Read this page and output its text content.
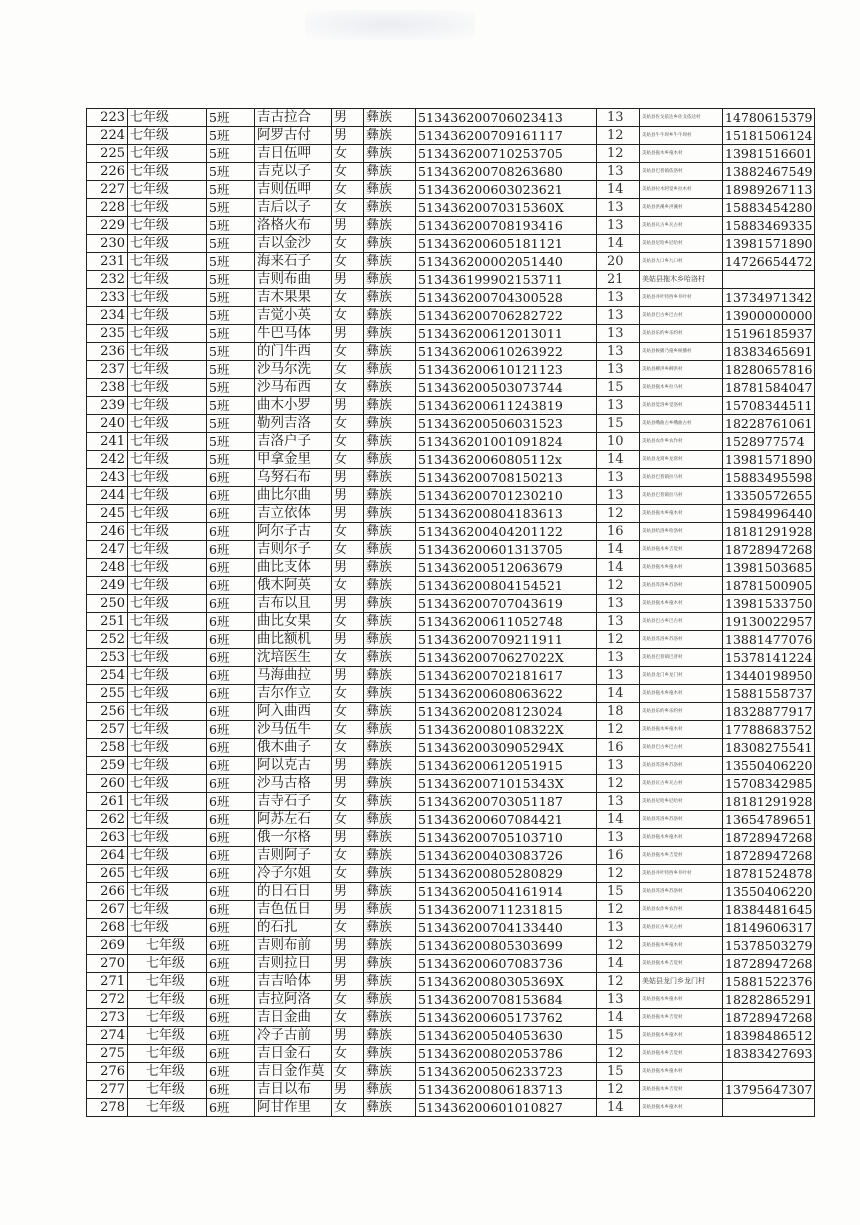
223	七年级	5班	吉古拉合	男	彝族	513436200706023413	13	美姑县佐戈依达乡佐戈依达村	14780615379
224	七年级	5班	阿罗古付	男	彝族	513436200709161117	12	美姑县牛牛坝乡牛牛坝村	15181506124
225	七年级	5班	吉日伍呷	女	彝族	513436200710253705	12	美姑县拖木乡拖木村	13981516601
226	七年级	5班	吉克以子	女	彝族	513436200708263680	13	美姑县巴普镇依洛村	13882467549
227	七年级	5班	吉则伍呷	女	彝族	513436200603023621	14	美姑县拉木阿觉乡拉木村	18989267113
228	七年级	5班	吉后以子	女	彝族	51343620070315360X	13	美姑县洪溪乡洪溪村	15883454280
229	七年级	5班	洛格火布	男	彝族	513436200708193416	13	美姑县瓦古乡瓦古村	15883469335
230	七年级	5班	吉以金沙	女	彝族	513436200605181121	14	美姑县尼哈乡尼哈村	13981571890
231	七年级	5班	海来石子	女	彝族	513436200002051440	20	美姑县九口乡九口村	14726654472
232	七年级	5班	吉则布曲	男	彝族	513436199902153711	21	美姑县拖木乡哈洛村	
233	七年级	5班	吉木果果	女	彝族	513436200704300528	13	美姑县井叶特西乡井叶村	13734971342
234	七年级	5班	吉觉小英	女	彝族	513436200706282722	13	美姑县巴古乡巴古村	13900000000
235	七年级	5班	牛巴马体	男	彝族	513436200612013011	13	美姑县乐约乡乐约村	15196185937
236	七年级	5班	的门牛西	女	彝族	513436200610263922	13	美姑县候播乃拖乡候播村	18383465691
237	七年级	5班	沙马尔洗	女	彝族	513436200610121123	13	美姑县柳洪乡柳洪村	18280657816
238	七年级	5班	沙马布西	女	彝族	513436200503073744	15	美姑县拖木乡拉马村	18781584047
239	七年级	5班	曲木小罗	男	彝族	513436200611243819	13	美姑县觉洛乡觉洛村	15708344511
240	七年级	5班	勒列吉洛	女	彝族	513436200506031523	15	美姑县峨曲古乡峨曲古村	18228761061
241	七年级	5班	吉洛户子	女	彝族	513436201001091824	10	美姑县农作乡农作村	1528977574
242	七年级	5班	甲拿金里	女	彝族	51343620060805112x	14	美姑县龙窝乡龙窝村	13981571890
243	七年级	6班	乌努石布	男	彝族	513436200708150213	13	美姑县巴普镇拉马村	15883495598
244	七年级	6班	曲比尔曲	男	彝族	513436200701230210	13	美姑县巴普镇拉马村	13350572655
245	七年级	6班	吉立依体	男	彝族	513436200804183613	12	美姑县拖木乡拖木村	15984996440
246	七年级	6班	阿尔子古	女	彝族	513436200404201122	16	美姑县哈洛乡哈洛村	18181291928
247	七年级	6班	吉则尔子	女	彝族	513436200601313705	14	美姑县拖木乡吉觉村	18728947268
248	七年级	6班	曲比支体	男	彝族	513436200512063679	14	美姑县拖木乡拖木村	13981503685
249	七年级	6班	俄木阿英	女	彝族	513436200804154521	12	美姑县苏洛乡苏洛村	18781500905
250	七年级	6班	吉布以且	男	彝族	513436200707043619	13	美姑县拖木乡拖木村	13981533750
251	七年级	6班	曲比女果	女	彝族	513436200611052748	13	美姑县巴古乡巴古村	19130022957
252	七年级	6班	曲比额机	男	彝族	513436200709211911	12	美姑县苏洛乡苏洛村	13881477076
253	七年级	6班	沈培医生	女	彝族	51343620070627022X	13	美姑县巴普镇巴普村	15378141224
254	七年级	6班	马海曲拉	男	彝族	513436200702181617	13	美姑县龙门乡龙门村	13440198950
255	七年级	6班	吉尔作立	女	彝族	513436200608063622	14	美姑县拖木乡拖木村	15881558737
256	七年级	6班	阿入曲西	女	彝族	513436200208123024	18	美姑县乐约乡乐约村	18328877917
257	七年级	6班	沙马伍牛	女	彝族	51343620080108322X	12	美姑县拖木乡拖木村	17788683752
258	七年级	6班	俄木曲子	女	彝族	51343620030905294X	16	美姑县巴古乡巴古村	18308275541
259	七年级	6班	阿以克古	男	彝族	513436200612051915	13	美姑县苏洛乡苏洛村	13550406220
260	七年级	6班	沙马古格	男	彝族	51343620071015343X	12	美姑县瓦古乡瓦古村	15708342985
261	七年级	6班	吉寺石子	女	彝族	513436200703051187	13	美姑县尼哈乡尼哈村	18181291928
262	七年级	6班	阿苏左石	女	彝族	513436200607084421	14	美姑县苏洛乡苏洛村	13654789651
263	七年级	6班	俄一尔格	男	彝族	513436200705103710	13	美姑县拖木乡拖木村	18728947268
264	七年级	6班	吉则阿子	女	彝族	513436200403083726	16	美姑县拖木乡吉觉村	18728947268
265	七年级	6班	冷子尔姐	女	彝族	513436200805280829	12	美姑县井叶特西乡井叶村	18781524878
266	七年级	6班	的日石日	男	彝族	513436200504161914	15	美姑县苏洛乡苏洛村	13550406220
267	七年级	6班	吉色伍日	男	彝族	513436200711231815	12	美姑县农作乡农作村	18384481645
268	七年级	6班	的石扎	女	彝族	513436200704133440	13	美姑县瓦古乡瓦古村	18149606317
269	七年级	6班	吉则布前	男	彝族	513436200805303699	12	美姑县拖木乡拖木村	15378503279
270	七年级	6班	吉则拉日	男	彝族	513436200607083736	14	美姑县拖木乡吉觉村	18728947268
271	七年级	6班	吉吉哈体	男	彝族	51343620080305369X	12	美姑县龙门乡龙门村	15881522376
272	七年级	6班	吉拉阿洛	女	彝族	513436200708153684	13	美姑县拖木乡拖木村	18282865291
273	七年级	6班	吉日金曲	女	彝族	513436200605173762	14	美姑县拖木乡吉觉村	18728947268
274	七年级	6班	冷子古前	男	彝族	513436200504053630	15	美姑县拖木乡拖木村	18398486512
275	七年级	6班	吉日金石	女	彝族	513436200802053786	12	美姑县拖木乡吉觉村	18383427693
276	七年级	6班	吉日金作莫	女	彝族	513436200506233723	15	美姑县拖木乡拖木村	
277	七年级	6班	吉日以布	男	彝族	513436200806183713	12	美姑县拖木乡吉觉村	13795647307
278	七年级	6班	阿甘作里	女	彝族	513436200601010827	14	美姑县拖木乡拖木村	
